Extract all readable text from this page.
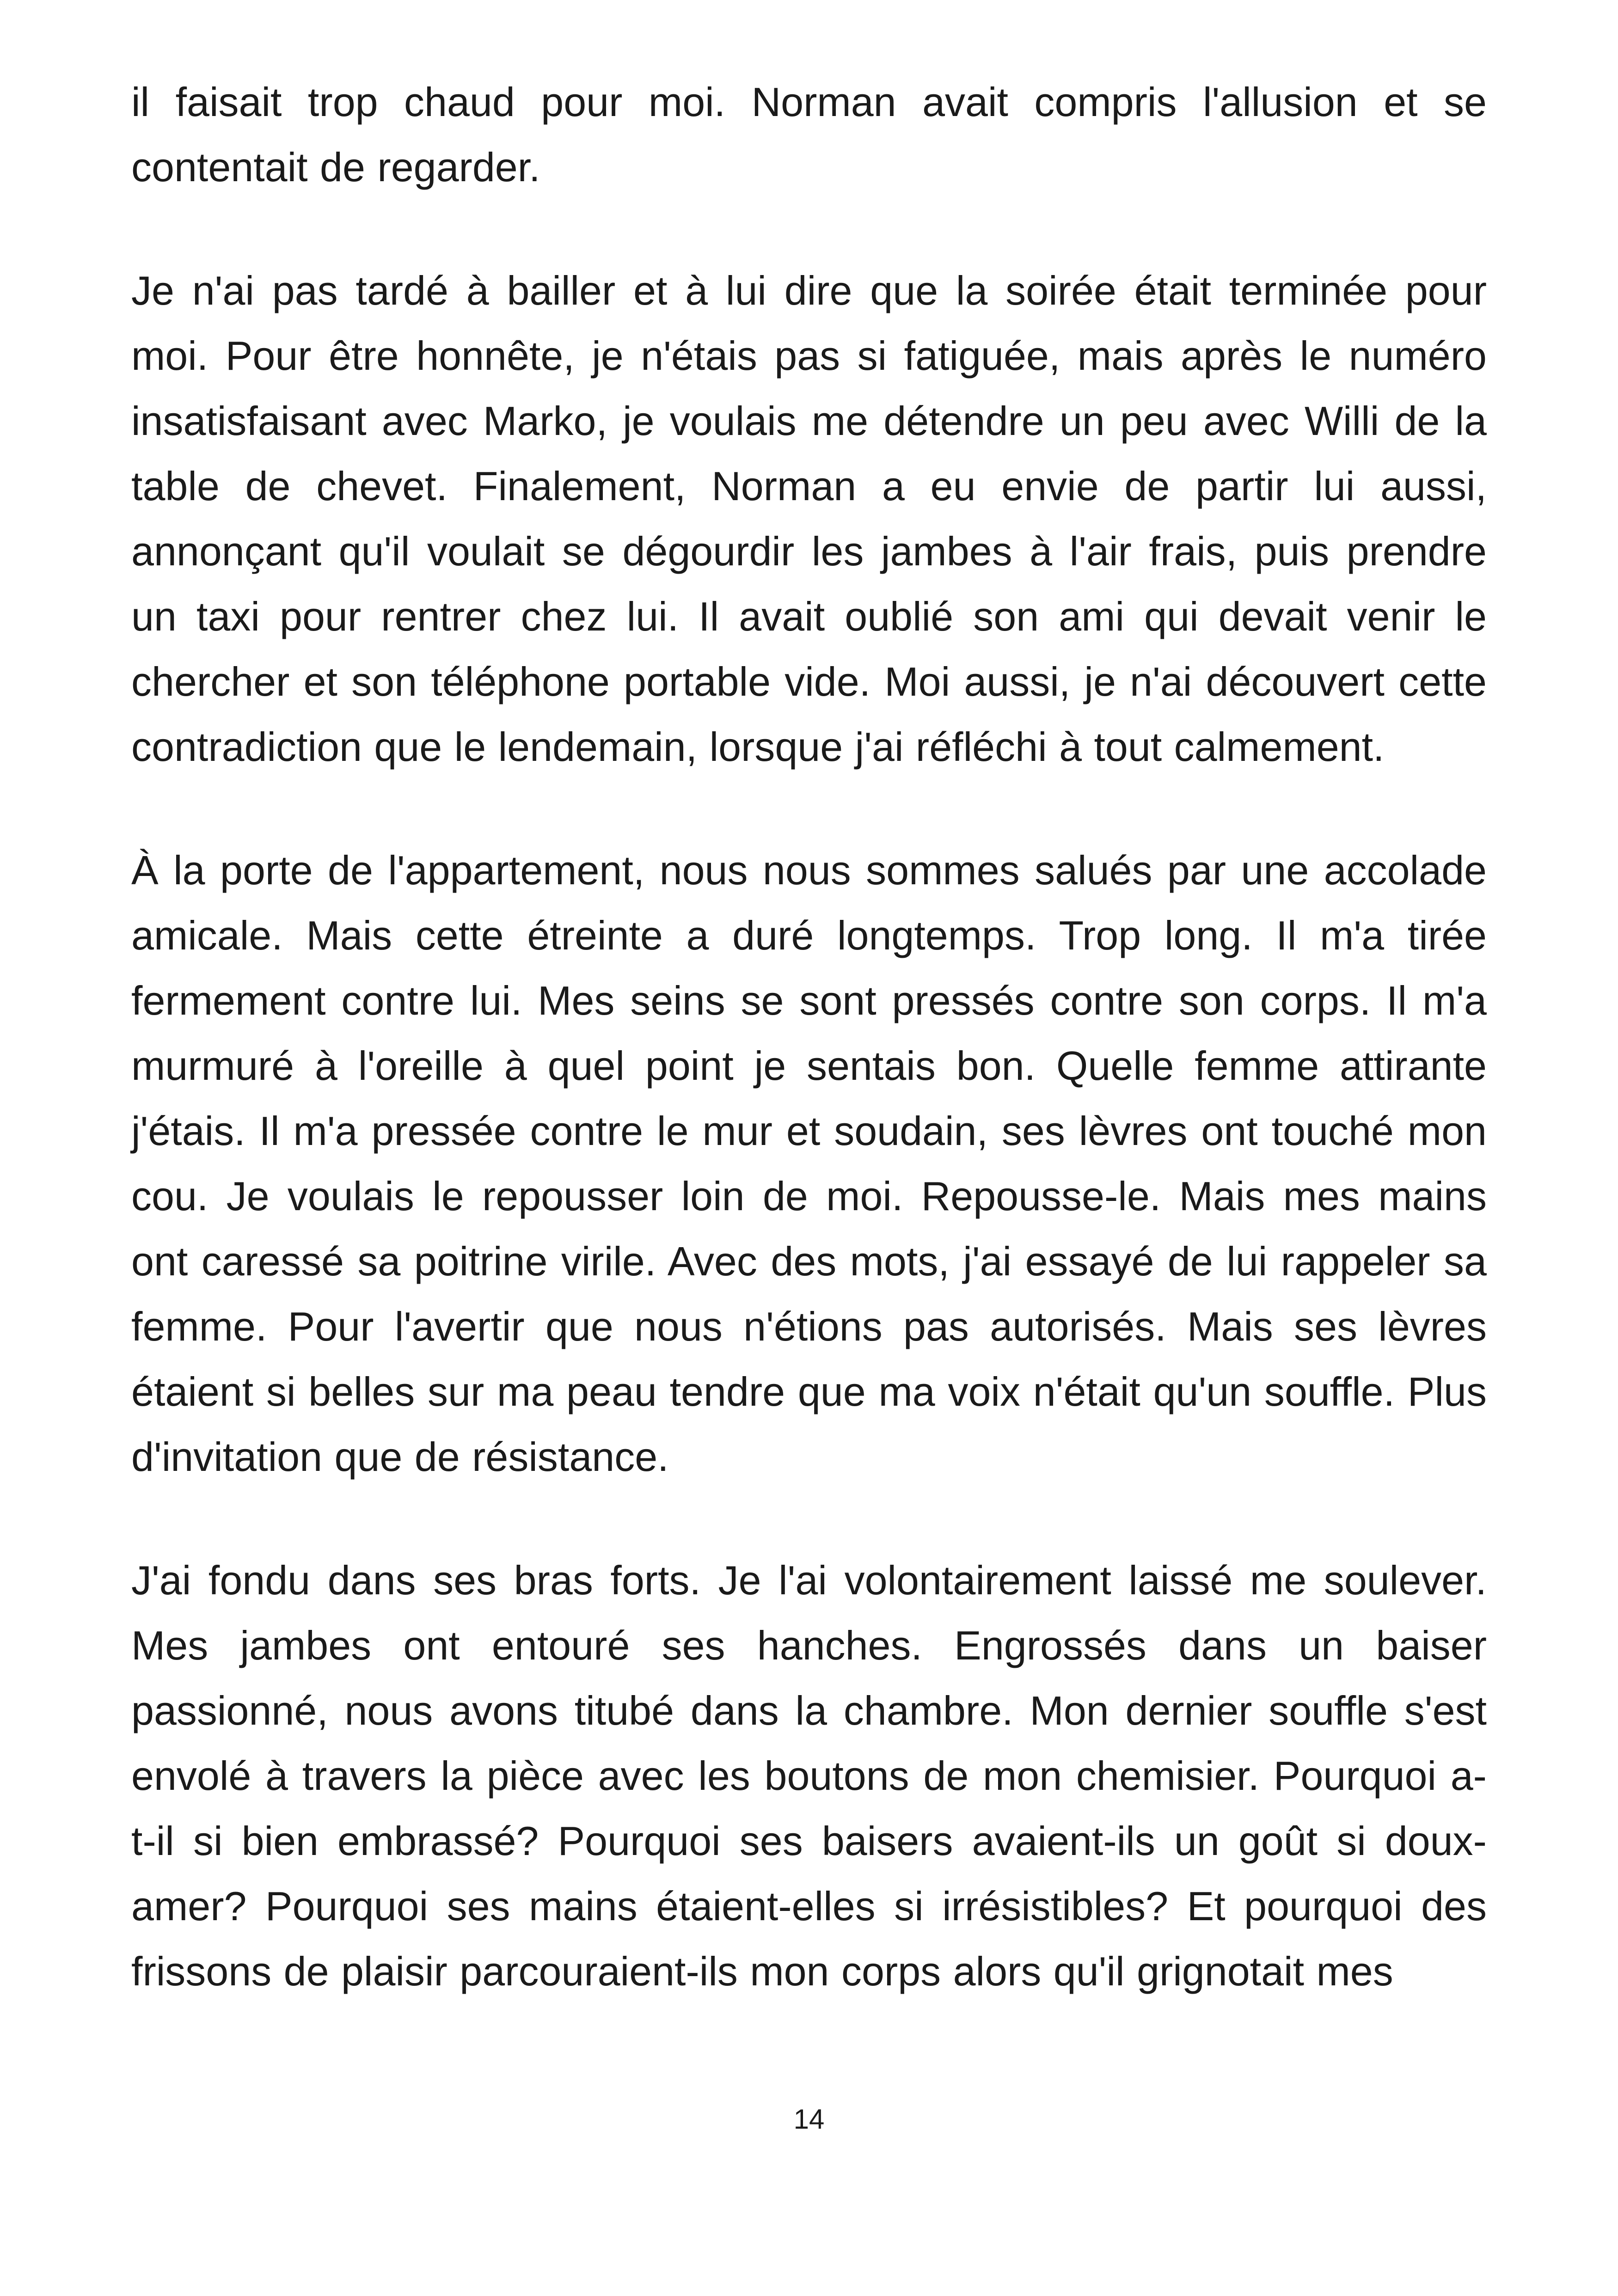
il faisait trop chaud pour moi. Norman avait compris l'allusion et se contentait de regarder.

Je n'ai pas tardé à bailler et à lui dire que la soirée était terminée pour moi. Pour être honnête, je n'étais pas si fatiguée, mais après le numéro insatisfaisant avec Marko, je voulais me détendre un peu avec Willi de la table de chevet. Finalement, Norman a eu envie de partir lui aussi, annonçant qu'il voulait se dégourdir les jambes à l'air frais, puis prendre un taxi pour rentrer chez lui. Il avait oublié son ami qui devait venir le chercher et son téléphone portable vide. Moi aussi, je n'ai découvert cette contradiction que le lendemain, lorsque j'ai réfléchi à tout calmement.

À la porte de l'appartement, nous nous sommes salués par une accolade amicale. Mais cette étreinte a duré longtemps. Trop long. Il m'a tirée fermement contre lui. Mes seins se sont pressés contre son corps. Il m'a murmuré à l'oreille à quel point je sentais bon. Quelle femme attirante j'étais. Il m'a pressée contre le mur et soudain, ses lèvres ont touché mon cou. Je voulais le repousser loin de moi. Repousse-le. Mais mes mains ont caressé sa poitrine virile. Avec des mots, j'ai essayé de lui rappeler sa femme. Pour l'avertir que nous n'étions pas autorisés. Mais ses lèvres étaient si belles sur ma peau tendre que ma voix n'était qu'un souffle. Plus d'invitation que de résistance.

J'ai fondu dans ses bras forts. Je l'ai volontairement laissé me soulever. Mes jambes ont entouré ses hanches. Engrossés dans un baiser passionné, nous avons titubé dans la chambre. Mon dernier souffle s'est envolé à travers la pièce avec les boutons de mon chemisier. Pourquoi a-t-il si bien embrassé? Pourquoi ses baisers avaient-ils un goût si doux-amer? Pourquoi ses mains étaient-elles si irrésistibles? Et pourquoi des frissons de plaisir parcouraient-ils mon corps alors qu'il grignotait mes

14
